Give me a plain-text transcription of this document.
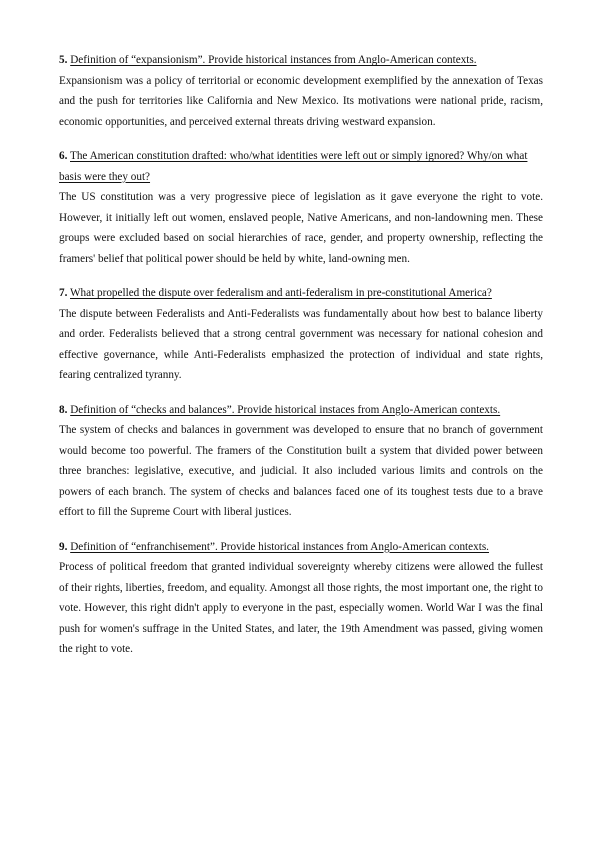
5. Definition of “expansionism”. Provide historical instances from Anglo-American contexts.

Expansionism was a policy of territorial or economic development exemplified by the annexation of Texas and the push for territories like California and New Mexico. Its motivations were national pride, racism, economic opportunities, and perceived external threats driving westward expansion.

6. The American constitution drafted: who/what identities were left out or simply ignored? Why/on what basis were they out?

The US constitution was a very progressive piece of legislation as it gave everyone the right to vote. However, it initially left out women, enslaved people, Native Americans, and non-landowning men. These groups were excluded based on social hierarchies of race, gender, and property ownership, reflecting the framers' belief that political power should be held by white, land-owning men.

7. What propelled the dispute over federalism and anti-federalism in pre-constitutional America?

The dispute between Federalists and Anti-Federalists was fundamentally about how best to balance liberty and order. Federalists believed that a strong central government was necessary for national cohesion and effective governance, while Anti-Federalists emphasized the protection of individual and state rights, fearing centralized tyranny.

8. Definition of “checks and balances”. Provide historical instaces from Anglo-American contexts.

The system of checks and balances in government was developed to ensure that no branch of government would become too powerful. The framers of the Constitution built a system that divided power between three branches: legislative, executive, and judicial. It also included various limits and controls on the powers of each branch. The system of checks and balances faced one of its toughest tests due to a brave effort to fill the Supreme Court with liberal justices.

9. Definition of “enfranchisement”. Provide historical instances from Anglo-American contexts.

Process of political freedom that granted individual sovereignty whereby citizens were allowed the fullest of their rights, liberties, freedom, and equality. Amongst all those rights, the most important one, the right to vote. However, this right didn't apply to everyone in the past, especially women. World War I was the final push for women's suffrage in the United States, and later, the 19th Amendment was passed, giving women the right to vote.
